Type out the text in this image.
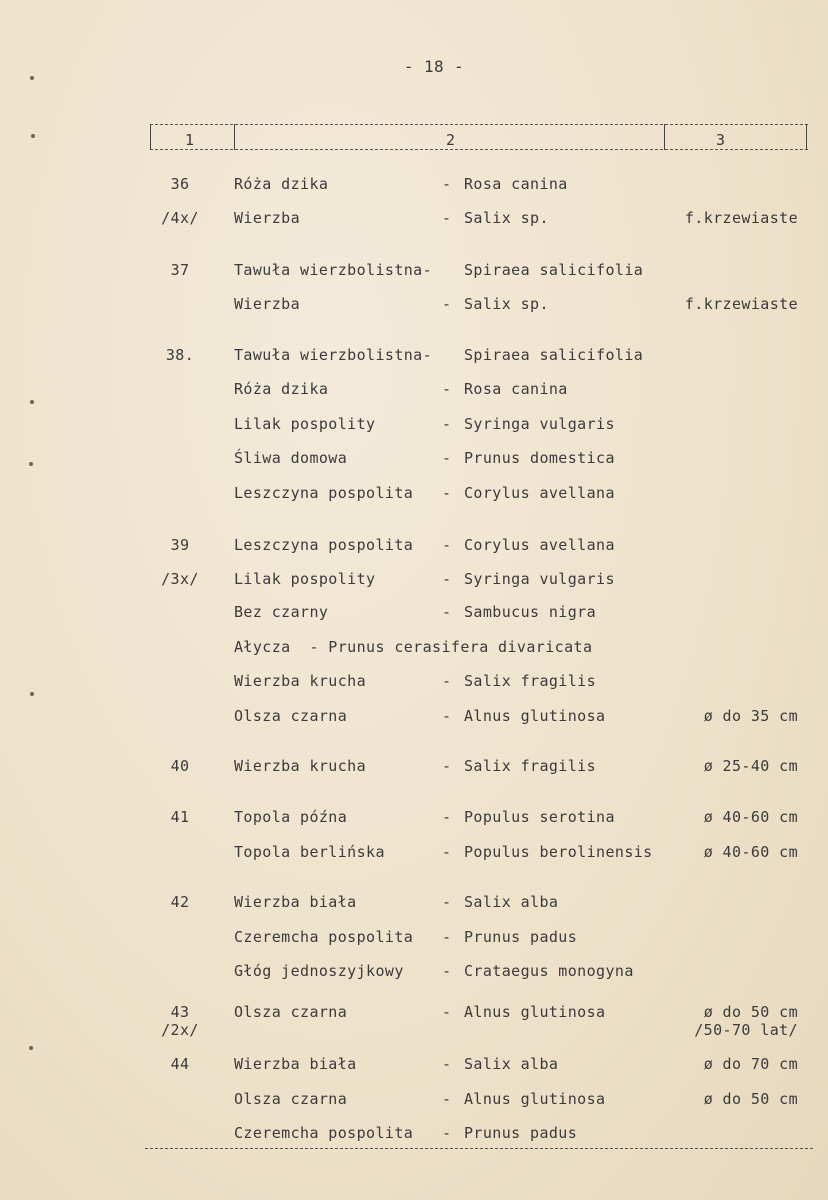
- 18 -
1	2	3
36	Róża dzika	- Rosa canina
/4x/	Wierzba	- Salix sp.	f.krzewiaste
37	Tawuła wierzbolistna- Spiraea salicifolia
Wierzba	- Salix sp.	f.krzewiaste
38.	Tawuła wierzbolistna- Spiraea salicifolia
Róża dzika	- Rosa canina
Lilak pospolity	- Syringa vulgaris
Śliwa domowa	- Prunus domestica
Leszczyna pospolita - Corylus avellana
39	Leszczyna pospolita - Corylus avellana
/3x/	Lilak pospolity	- Syringa vulgaris
Bez czarny	- Sambucus nigra
Ałycza  - Prunus cerasifera divaricata
Wierzba krucha	- Salix fragilis
Olsza czarna	- Alnus glutinosa	ø do 35 cm
40	Wierzba krucha	- Salix fragilis	ø 25-40 cm
41	Topola późna	- Populus serotina	ø 40-60 cm
Topola berlińska	- Populus berolinensis	ø 40-60 cm
42	Wierzba biała	- Salix alba
Czeremcha pospolita - Prunus padus
Głóg jednoszyjkowy	- Crataegus monogyna
43	Olsza czarna	- Alnus glutinosa	ø do 50 cm
/2x/	/50-70 lat/
44	Wierzba biała	- Salix alba	ø do 70 cm
Olsza czarna	- Alnus glutinosa	ø do 50 cm
Czeremcha pospolita - Prunus padus
